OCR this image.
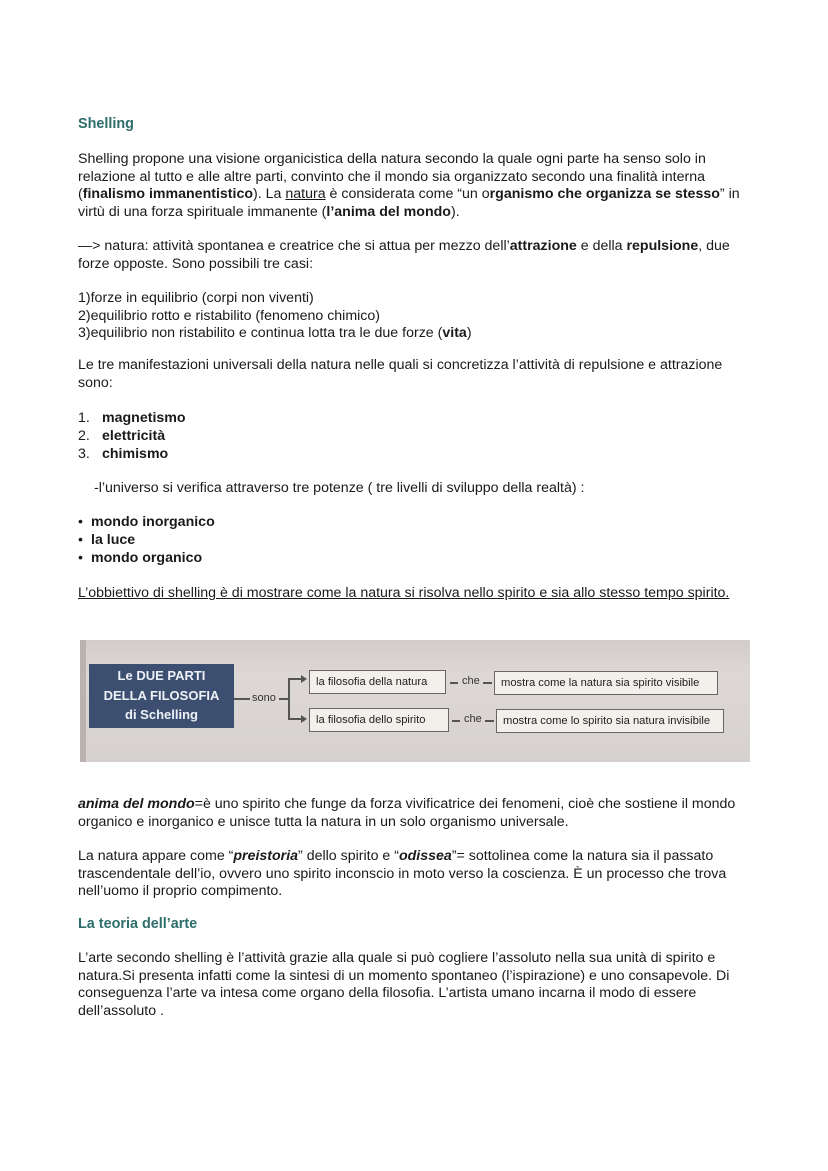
Shelling
Shelling propone una visione organicistica della natura secondo la quale ogni parte ha senso solo in relazione al tutto e alle altre parti, convinto che il mondo sia organizzato secondo una finalità interna (finalismo immanentistico). La natura è considerata come “un organismo che organizza se stesso” in virtù di una forza spirituale immanente (l’anima del mondo).
—> natura: attività spontanea e creatrice che si attua per mezzo dell’attrazione e della repulsione, due forze opposte. Sono possibili tre casi:
1)forze in equilibrio (corpi non viventi)
2)equilibrio rotto e ristabilito (fenomeno chimico)
3)equilibrio non ristabilito e continua lotta tra le due forze (vita)
Le tre manifestazioni universali della natura nelle quali si concretizza l’attività di repulsione e attrazione sono:
1. magnetismo
2. elettricità
3. chimismo
-l’universo si verifica attraverso tre potenze ( tre livelli di sviluppo della realtà) :
• mondo inorganico
• la luce
• mondo organico
L’obbiettivo di shelling è di mostrare come la natura si risolva nello spirito e sia allo stesso tempo spirito.
anima del mondo=è uno spirito che funge da forza vivificatrice dei fenomeni, cioè che sostiene il mondo organico e inorganico e unisce tutta la natura in un solo organismo universale.
La natura appare come “preistoria” dello spirito e “odissea”= sottolinea come la natura sia il passato trascendentale dell’io, ovvero uno spirito inconscio in moto verso la coscienza. È un processo che trova nell’uomo il proprio compimento.
La teoria dell’arte
L’arte secondo shelling è l’attività grazie alla quale si può cogliere l’assoluto nella sua unità di spirito e natura.Si presenta infatti come la sintesi di un momento spontaneo (l’ispirazione) e uno consapevole. Di conseguenza l’arte va intesa come organo della filosofia. L’artista umano incarna il modo di essere dell’assoluto .
Le DUE PARTI
DELLA FILOSOFIA
di Schelling
sono
la filosofia della natura
la filosofia dello spirito
che
che
mostra come la natura sia spirito visibile
mostra come lo spirito sia natura invisibile
